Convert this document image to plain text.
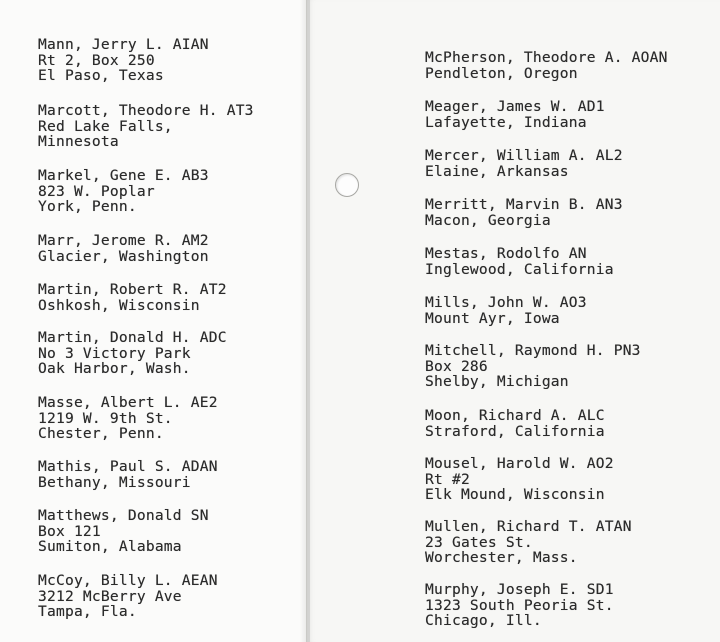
Mann, Jerry L. AIAN
Rt 2, Box 250
El Paso, Texas
Marcott, Theodore H. AT3
Red Lake Falls,
Minnesota
Markel, Gene E. AB3
823 W. Poplar
York, Penn.
Marr, Jerome R. AM2
Glacier, Washington
Martin, Robert R. AT2
Oshkosh, Wisconsin
Martin, Donald H. ADC
No 3 Victory Park
Oak Harbor, Wash.
Masse, Albert L. AE2
1219 W. 9th St.
Chester, Penn.
Mathis, Paul S. ADAN
Bethany, Missouri
Matthews, Donald SN
Box 121
Sumiton, Alabama
McCoy, Billy L. AEAN
3212 McBerry Ave
Tampa, Fla.
McPherson, Theodore A. AOAN
Pendleton, Oregon
Meager, James W. AD1
Lafayette, Indiana
Mercer, William A. AL2
Elaine, Arkansas
Merritt, Marvin B. AN3
Macon, Georgia
Mestas, Rodolfo AN
Inglewood, California
Mills, John W. AO3
Mount Ayr, Iowa
Mitchell, Raymond H. PN3
Box 286
Shelby, Michigan
Moon, Richard A. ALC
Straford, California
Mousel, Harold W. AO2
Rt #2
Elk Mound, Wisconsin
Mullen, Richard T. ATAN
23 Gates St.
Worchester, Mass.
Murphy, Joseph E. SD1
1323 South Peoria St.
Chicago, Ill.
